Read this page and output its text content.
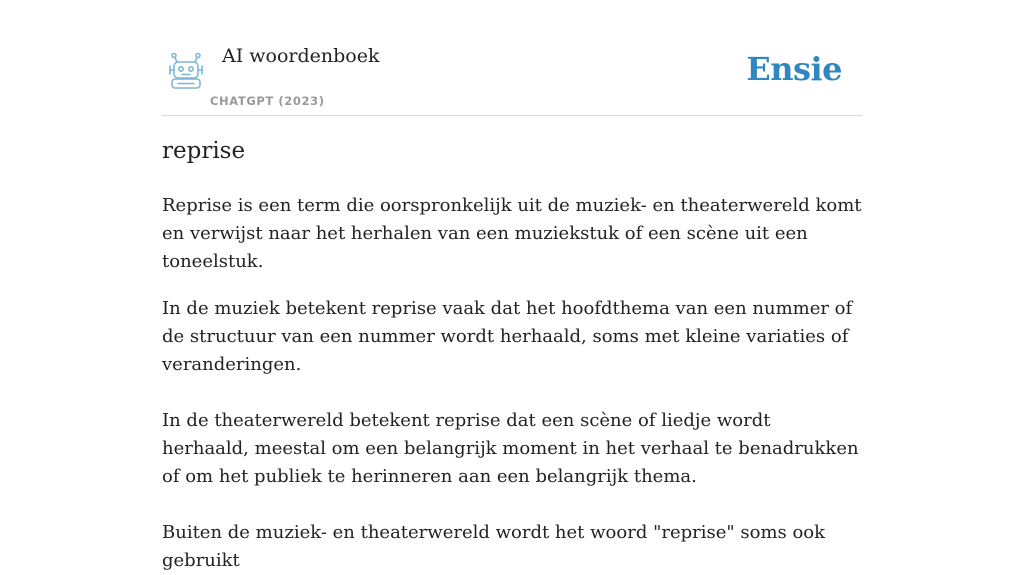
AI woordenboek
CHATGPT (2023)
Ensie
reprise

Reprise is een term die oorspronkelijk uit de muziek- en theaterwereld komt en verwijst naar het herhalen van een muziekstuk of een scène uit een toneelstuk.

In de muziek betekent reprise vaak dat het hoofdthema van een nummer of de structuur van een nummer wordt herhaald, soms met kleine variaties of veranderingen.

In de theaterwereld betekent reprise dat een scène of liedje wordt herhaald, meestal om een belangrijk moment in het verhaal te benadrukken of om het publiek te herinneren aan een belangrijk thema.

Buiten de muziek- en theaterwereld wordt het woord "reprise" soms ook gebruikt
